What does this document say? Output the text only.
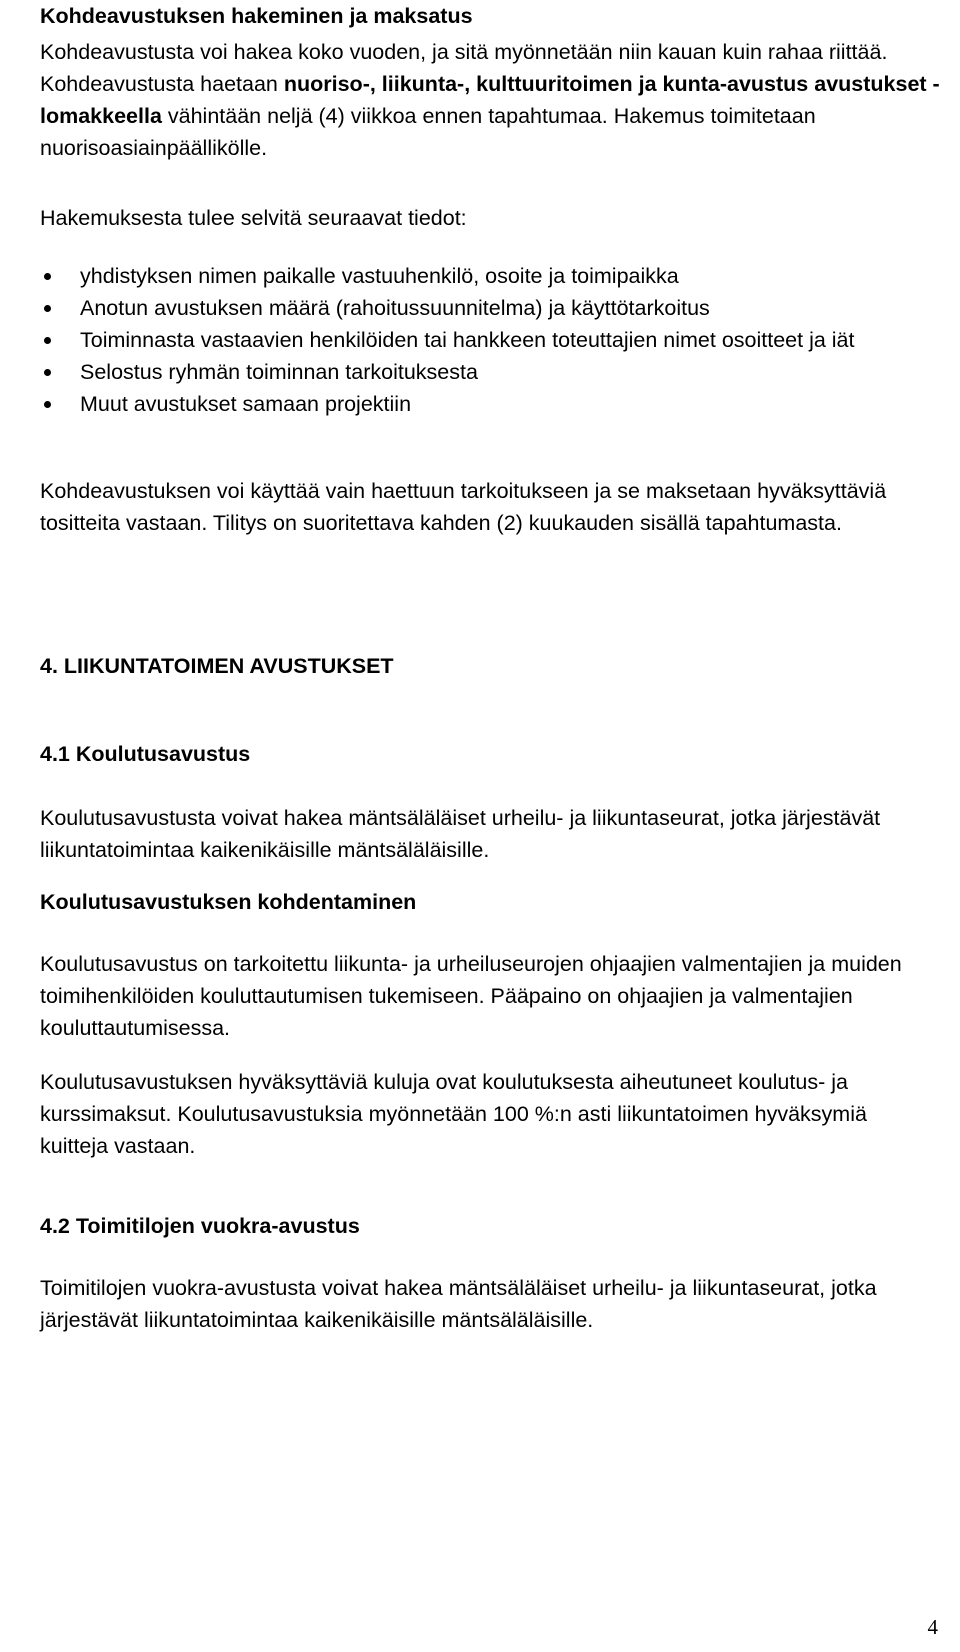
Kohdeavustuksen hakeminen ja maksatus

Kohdeavustusta voi hakea koko vuoden, ja sitä myönnetään niin kauan kuin rahaa riittää. Kohdeavustusta haetaan nuoriso-, liikunta-, kulttuuritoimen ja kunta-avustus avustukset -lomakkeella vähintään neljä (4) viikkoa ennen tapahtumaa. Hakemus toimitetaan nuorisoasiainpäällikölle.

Hakemuksesta tulee selvitä seuraavat tiedot:

yhdistyksen nimen paikalle vastuuhenkilö, osoite ja toimipaikka
Anotun avustuksen määrä (rahoitussuunnitelma) ja käyttötarkoitus
Toiminnasta vastaavien henkilöiden tai hankkeen toteuttajien nimet osoitteet ja iät
Selostus ryhmän toiminnan tarkoituksesta
Muut avustukset samaan projektiin

Kohdeavustuksen voi käyttää vain haettuun tarkoitukseen ja se maksetaan hyväksyttäviä tositteita vastaan. Tilitys on suoritettava kahden (2) kuukauden sisällä tapahtumasta.

4. LIIKUNTATOIMEN AVUSTUKSET
4.1 Koulutusavustus

Koulutusavustusta voivat hakea mäntsäläläiset urheilu- ja liikuntaseurat, jotka järjestävät liikuntatoimintaa kaikenikäisille mäntsäläläisille.

Koulutusavustuksen kohdentaminen

Koulutusavustus on tarkoitettu liikunta- ja urheiluseurojen ohjaajien valmentajien ja muiden toimihenkilöiden kouluttautumisen tukemiseen. Pääpaino on ohjaajien ja valmentajien kouluttautumisessa.

Koulutusavustuksen hyväksyttäviä kuluja ovat koulutuksesta aiheutuneet koulutus- ja kurssimaksut. Koulutusavustuksia myönnetään 100 %:n asti liikuntatoimen hyväksymiä kuitteja vastaan.

4.2 Toimitilojen vuokra-avustus

Toimitilojen vuokra-avustusta voivat hakea mäntsäläläiset urheilu- ja liikuntaseurat, jotka järjestävät liikuntatoimintaa kaikenikäisille mäntsäläläisille.

4
